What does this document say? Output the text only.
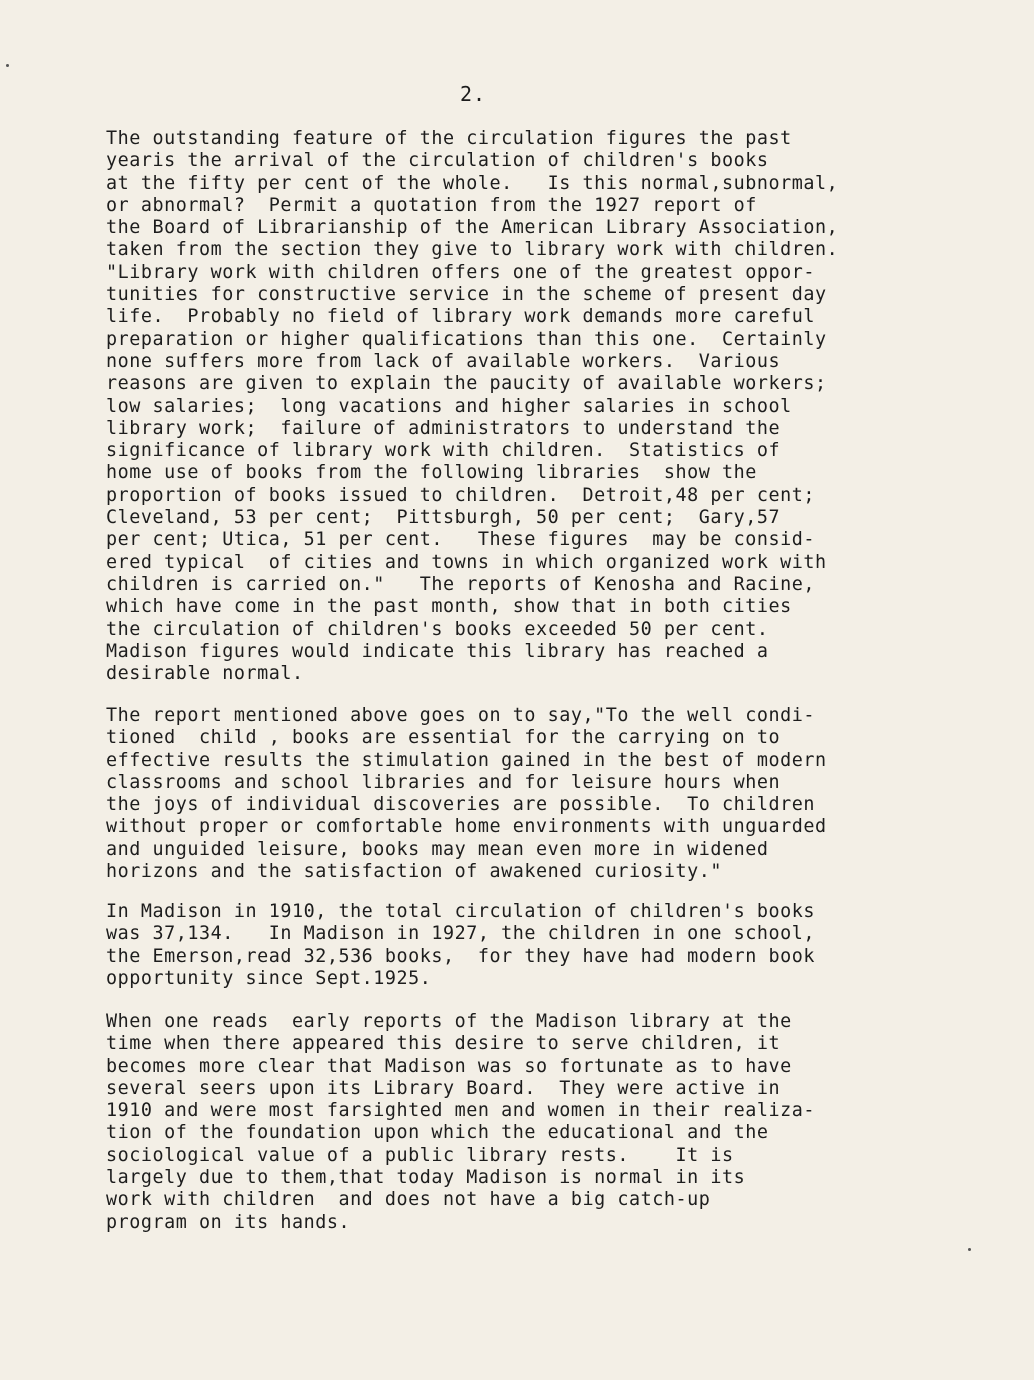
2.
The outstanding feature of the circulation figures the past
yearis the arrival of the circulation of children's books
at the fifty per cent of the whole.   Is this normal,subnormal,
or abnormal?  Permit a quotation from the 1927 report of
the Board of Librarianship of the American Library Association,
taken from the section they give to library work with children.
"Library work with children offers one of the greatest oppor-
tunities for constructive service in the scheme of present day
life.  Probably no field of library work demands more careful
preparation or higher qualifications than this one.  Certainly
none suffers more from lack of available workers.  Various
reasons are given to explain the paucity of available workers;
low salaries;  long vacations and higher salaries in school
library work;  failure of administrators to understand the
significance of library work with children.  Statistics of
home use of books from the following libraries  show the
proportion of books issued to children.  Detroit,48 per cent;
Cleveland, 53 per cent;  Pittsburgh, 50 per cent;  Gary,57
per cent; Utica, 51 per cent.   These figures  may be consid-
ered typical  of cities and towns in which organized work with
children is carried on."   The reports of Kenosha and Racine,
which have come in the past month, show that in both cities
the circulation of children's books exceeded 50 per cent.
Madison figures would indicate this library has reached a
desirable normal.
The report mentioned above goes on to say,"To the well condi-
tioned  child , books are essential for the carrying on to
effective results the stimulation gained in the best of modern
classrooms and school libraries and for leisure hours when
the joys of individual discoveries are possible.  To children
without proper or comfortable home environments with unguarded
and unguided leisure, books may mean even more in widened
horizons and the satisfaction of awakened curiosity."
In Madison in 1910, the total circulation of children's books
was 37,134.   In Madison in 1927, the children in one school,
the Emerson,read 32,536 books,  for they have had modern book
opportunity since Sept.1925.
When one reads  early reports of the Madison library at the
time when there appeared this desire to serve children, it
becomes more clear that Madison was so fortunate as to have
several seers upon its Library Board.  They were active in
1910 and were most farsighted men and women in their realiza-
tion of the foundation upon which the educational and the
sociological value of a public library rests.    It is
largely due to them,that today Madison is normal in its
work with children  and does not have a big catch-up
program on its hands.
